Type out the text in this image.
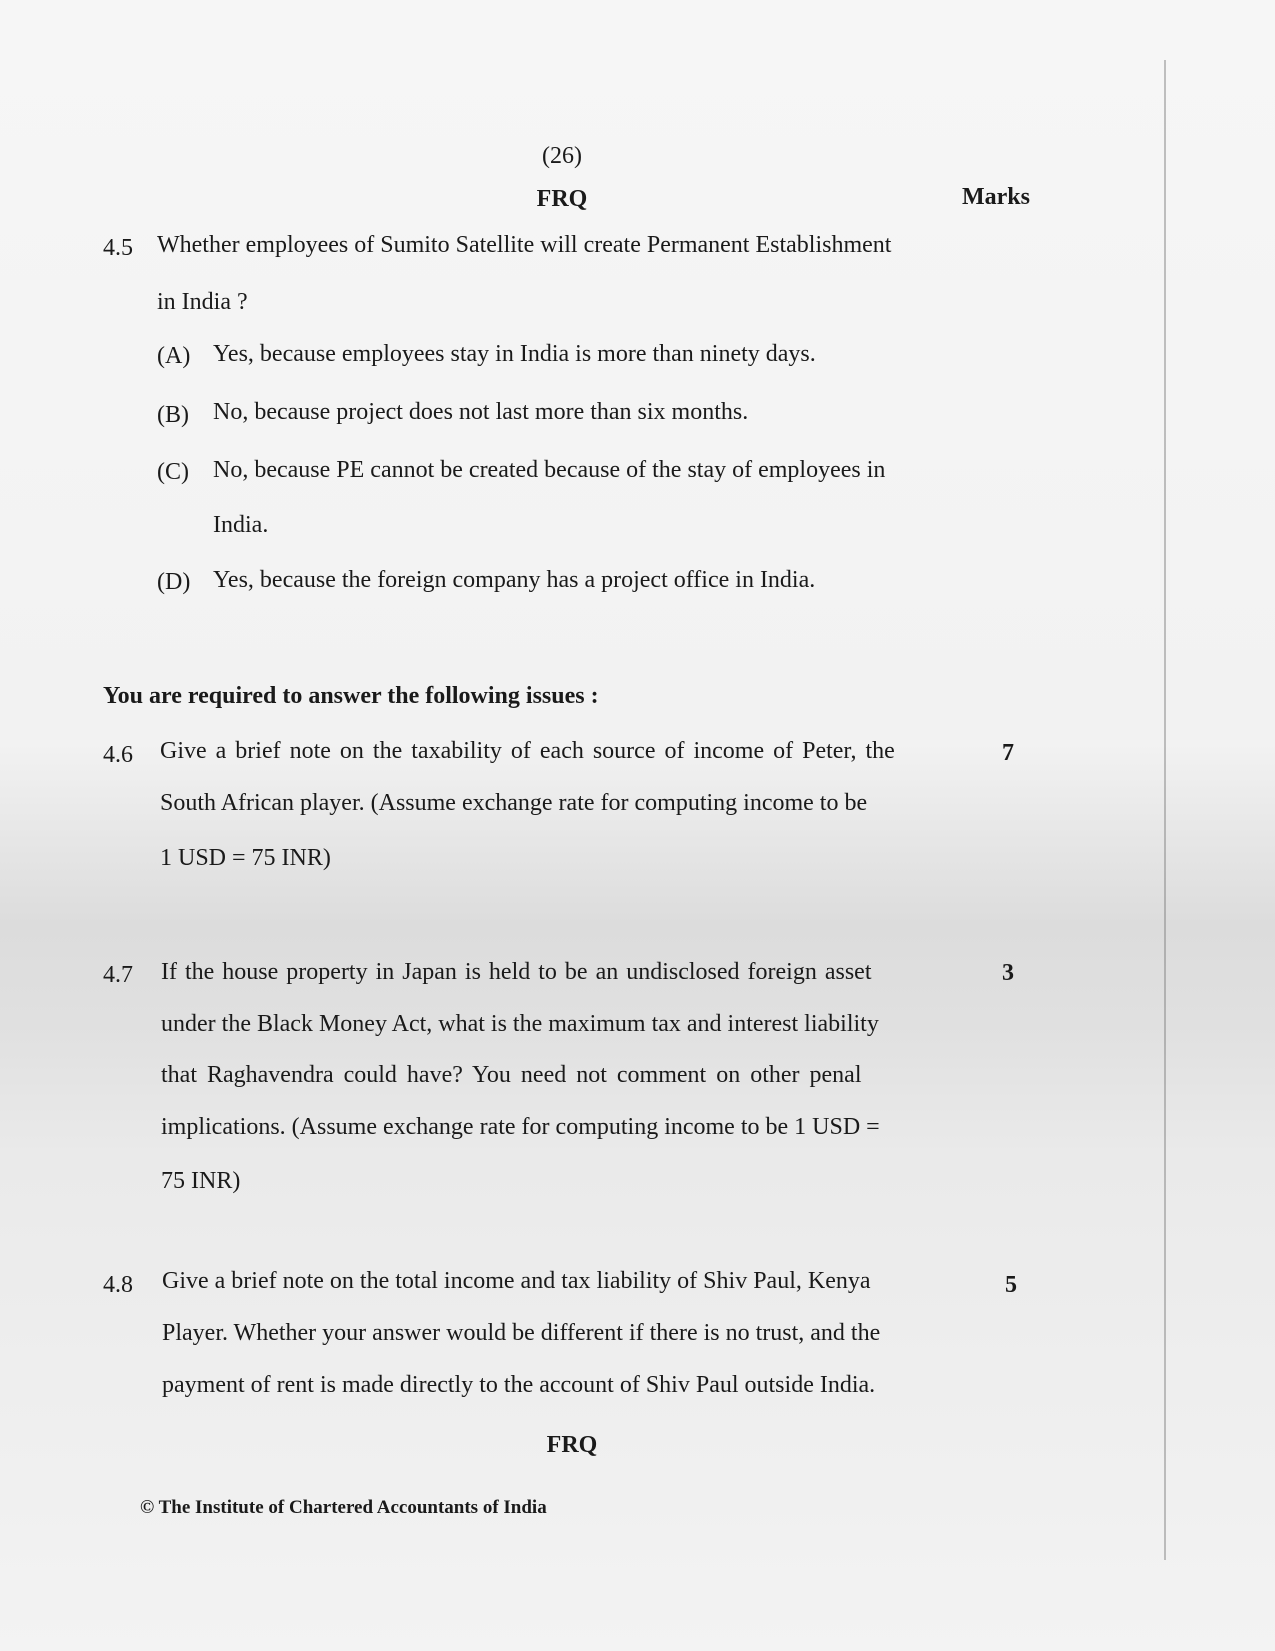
(26)
FRQ	Marks
4.5 Whether employees of Sumito Satellite will create Permanent Establishment
in India ?
(A) Yes, because employees stay in India is more than ninety days.
(B) No, because project does not last more than six months.
(C) No, because PE cannot be created because of the stay of employees in
India.
(D) Yes, because the foreign company has a project office in India.
You are required to answer the following issues :
4.6 Give a brief note on the taxability of each source of income of Peter, the
South African player. (Assume exchange rate for computing income to be
1 USD = 75 INR)
7
4.7 If the house property in Japan is held to be an undisclosed foreign asset
under the Black Money Act, what is the maximum tax and interest liability
that Raghavendra could have? You need not comment on other penal
implications. (Assume exchange rate for computing income to be 1 USD =
75 INR)
3
4.8 Give a brief note on the total income and tax liability of Shiv Paul, Kenya
Player. Whether your answer would be different if there is no trust, and the
payment of rent is made directly to the account of Shiv Paul outside India.
5
FRQ
© The Institute of Chartered Accountants of India
